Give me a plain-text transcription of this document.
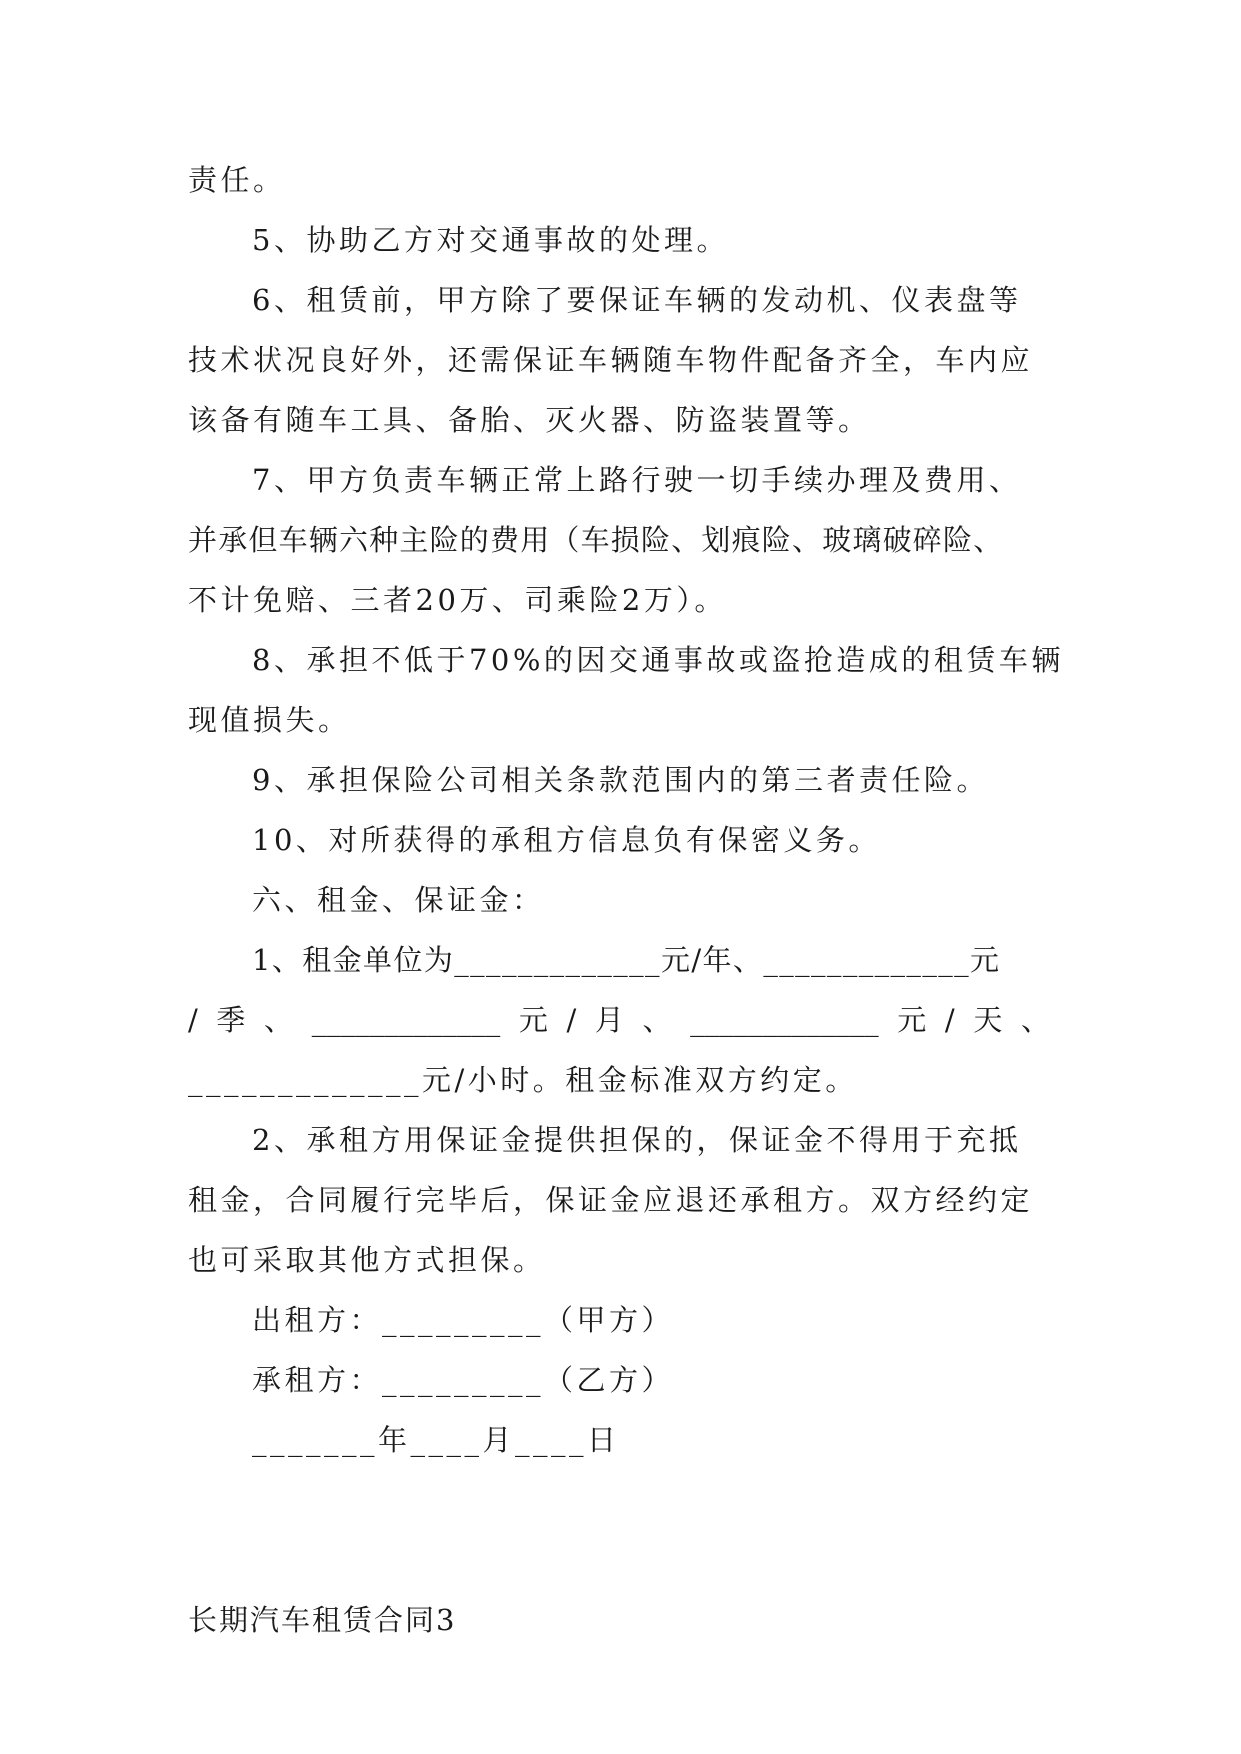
责任。
5、协助乙方对交通事故的处理。
6、租赁前，甲方除了要保证车辆的发动机、仪表盘等
技术状况良好外，还需保证车辆随车物件配备齐全，车内应
该备有随车工具、备胎、灭火器、防盗装置等。
7、甲方负责车辆正常上路行驶一切手续办理及费用、
并承但车辆六种主险的费用（车损险、划痕险、玻璃破碎险、
不计免赔、三者20万、司乘险2万）。
8、承担不低于70%的因交通事故或盗抢造成的租赁车辆
现值损失。
9、承担保险公司相关条款范围内的第三者责任险。
10、对所获得的承租方信息负有保密义务。
六、租金、保证金：
1、租金单位为_____________元/年、_____________元
/ 季 、 _____________ 元 / 月 、 _____________ 元 / 天 、
_____________元/小时。租金标准双方约定。
2、承租方用保证金提供担保的，保证金不得用于充抵
租金，合同履行完毕后，保证金应退还承租方。双方经约定
也可采取其他方式担保。
出租方：_________（甲方）
承租方：_________（乙方）
_______年____月____日
长期汽车租赁合同3
